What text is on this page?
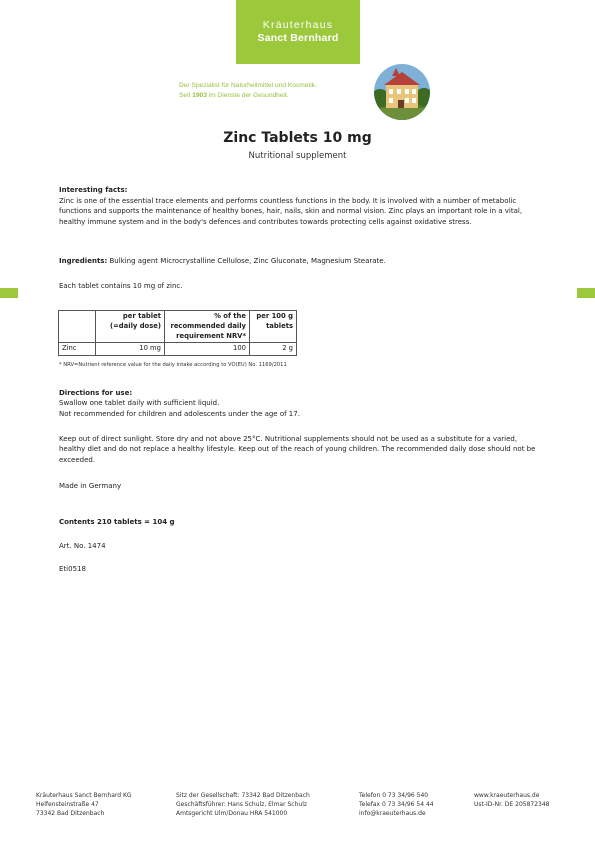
Kräuterhaus
Sanct Bernhard
Der Spezialist für Naturheilmittel und Kosmetik.
Seit 1903 im Dienste der Gesundheit.
Zinc Tablets 10 mg
Nutritional supplement
Interesting facts:
Zinc is one of the essential trace elements and performs countless functions in the body. It is involved with a number of metabolic functions and supports the maintenance of healthy bones, hair, nails, skin and normal vision. Zinc plays an important role in a vital, healthy immune system and in the body's defences and contributes towards protecting cells against oxidative stress.
Ingredients: Bulking agent Microcrystalline Cellulose, Zinc Gluconate, Magnesium Stearate.
Each tablet contains 10 mg of zinc.
	per tablet (=daily dose)	% of the recommended daily requirement NRV*	per 100 g tablets
Zinc	10 mg	100	2 g
* NRV=Nutrient reference value for the daily intake according to VO(EU) No. 1169/2011
Directions for use:
Swallow one tablet daily with sufficient liquid.
Not recommended for children and adolescents under the age of 17.
Keep out of direct sunlight. Store dry and not above 25°C. Nutritional supplements should not be used as a substitute for a varied, healthy diet and do not replace a healthy lifestyle. Keep out of the reach of young children. The recommended daily dose should not be exceeded.
Made in Germany
Contents 210 tablets = 104 g
Art. No. 1474
Eti0518
Kräuterhaus Sanct Bernhard KG
Helfensteinstraße 47
73342 Bad Ditzenbach
Sitz der Gesellschaft: 73342 Bad Ditzenbach
Geschäftsführer: Hans Schulz, Elmar Schulz
Amtsgericht Ulm/Donau HRA 541000
Telefon 0 73 34/96 540
Telefax 0 73 34/96 54 44
info@kraeuterhaus.de
www.kraeuterhaus.de
Ust-ID-Nr. DE 205872348
